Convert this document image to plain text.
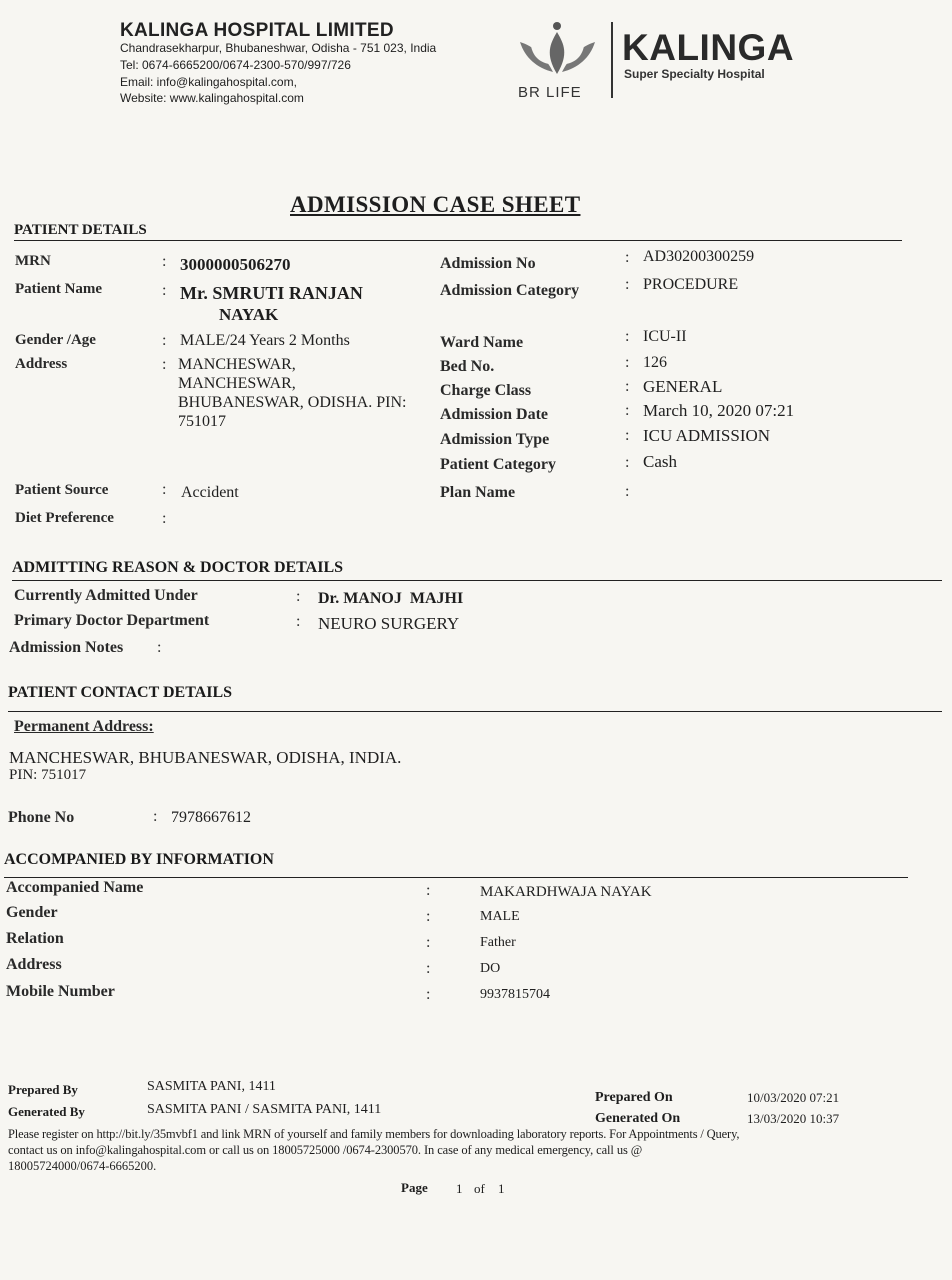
KALINGA HOSPITAL LIMITED
Chandrasekharpur, Bhubaneshwar, Odisha - 751 023, India
Tel: 0674-6665200/0674-2300-570/997/726
Email: info@kalingahospital.com,
Website: www.kalingahospital.com	BR LIFE
KALINGA
Super Specialty Hospital
ADMISSION CASE SHEET
PATIENT DETAILS
MRN	: 3000000506270
Patient Name	: Mr. SMRUTI RANJAN
NAYAK
Gender /Age	: MALE/24 Years 2 Months
Address	: MANCHESWAR,
MANCHESWAR,
BHUBANESWAR, ODISHA. PIN:
751017
Patient Source	: Accident
Diet Preference	:
Admission No	: AD30200300259
Admission Category	: PROCEDURE
Ward Name	: ICU-II
Bed No.	: 126
Charge Class	: GENERAL
Admission Date	: March 10, 2020 07:21
Admission Type	: ICU ADMISSION
Patient Category	: Cash
Plan Name	:
ADMITTING REASON & DOCTOR DETAILS
Currently Admitted Under	: Dr. MANOJ  MAJHI
Primary Doctor Department	: NEURO SURGERY
Admission Notes :
PATIENT CONTACT DETAILS
Permanent Address:
MANCHESWAR, BHUBANESWAR, ODISHA, INDIA.
PIN: 751017
Phone No	: 7978667612
ACCOMPANIED BY INFORMATION
Accompanied Name	:	MAKARDHWAJA NAYAK
Gender	:	MALE
Relation	:	Father
Address	:	DO
Mobile Number	:	9937815704
Prepared By	SASMITA PANI, 1411
Generated By	SASMITA PANI / SASMITA PANI, 1411
Prepared On	10/03/2020 07:21
Generated On	13/03/2020 10:37
Please register on http://bit.ly/35mvbf1 and link MRN of yourself and family members for downloading laboratory reports. For Appointments / Query,
contact us on info@kalingahospital.com or call us on 18005725000 /0674-2300570. In case of any medical emergency, call us @
18005724000/0674-6665200.
Page 1 of 1
